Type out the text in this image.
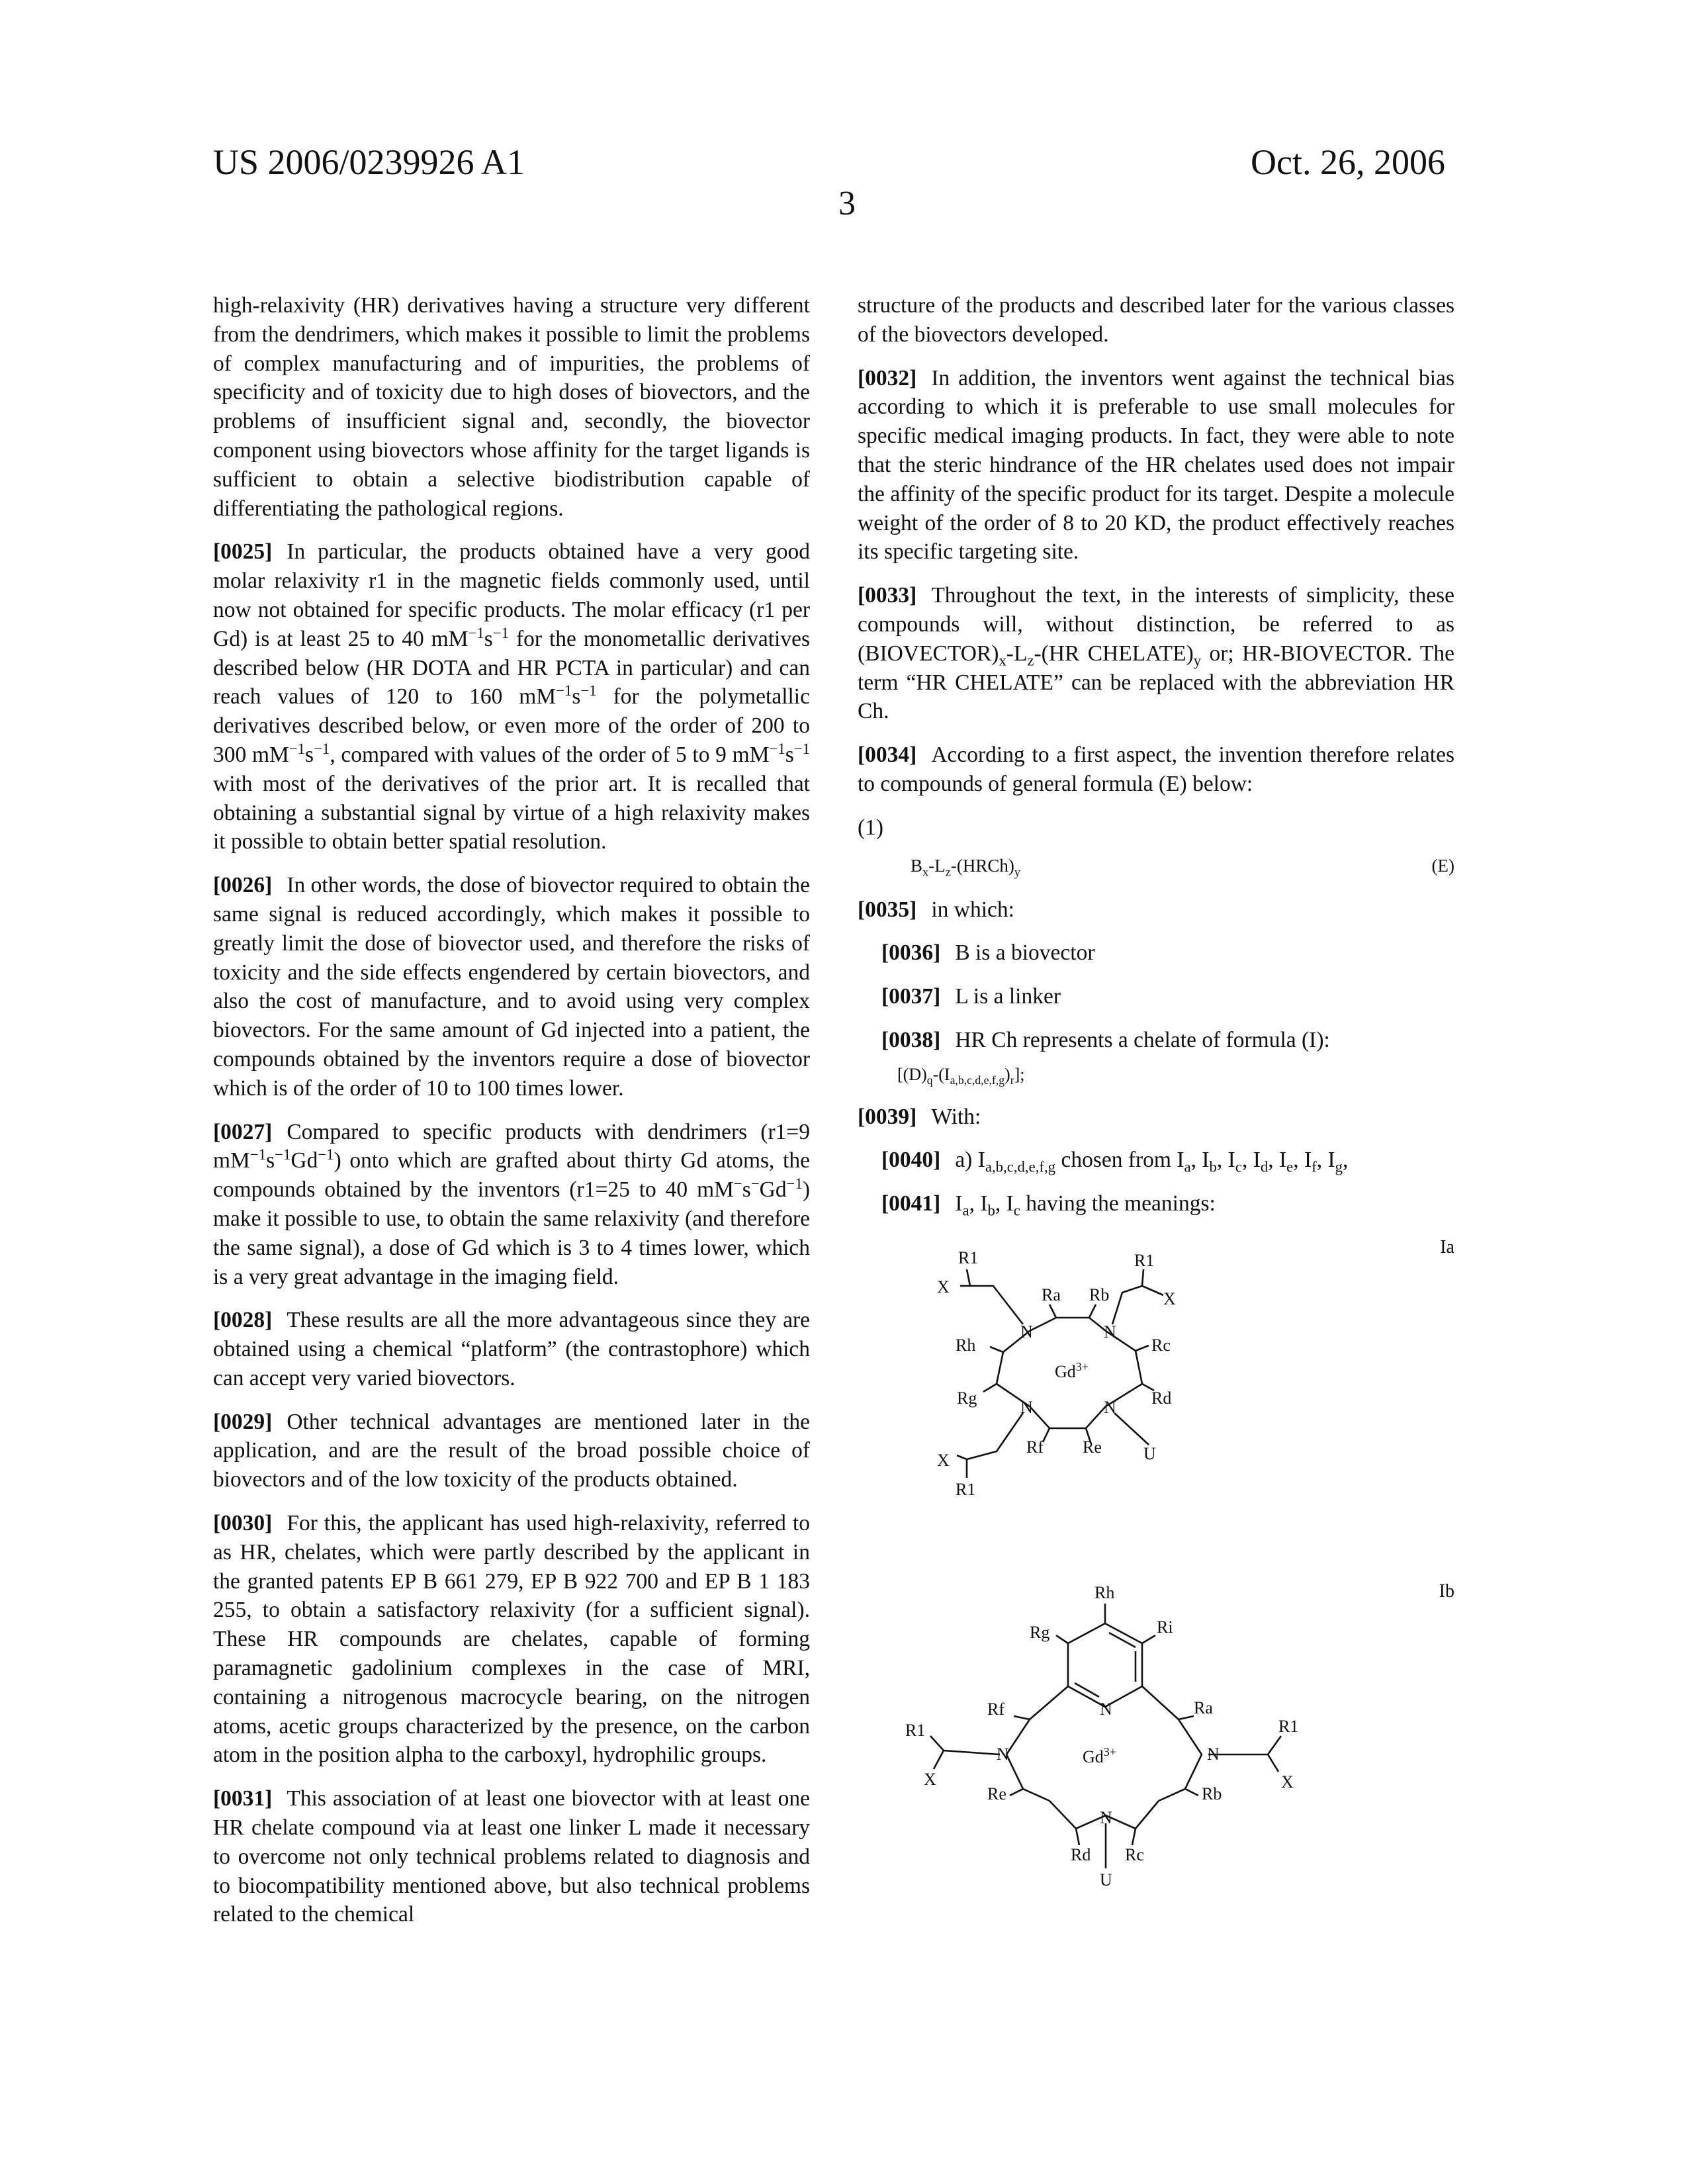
US 2006/0239926 A1	Oct. 26, 2006
3

high-relaxivity (HR) derivatives having a structure very different from the dendrimers, which makes it possible to limit the problems of complex manufacturing and of impurities, the problems of specificity and of toxicity due to high doses of biovectors, and the problems of insufficient signal and, secondly, the biovector component using biovectors whose affinity for the target ligands is sufficient to obtain a selective biodistribution capable of differentiating the pathological regions.

[0025] In particular, the products obtained have a very good molar relaxivity r1 in the magnetic fields commonly used, until now not obtained for specific products. The molar efficacy (r1 per Gd) is at least 25 to 40 $mM^{-1}s^{-1}$ for the monometallic derivatives described below (HR DOTA and HR PCTA in particular) and can reach values of 120 to 160 $mM^{-1}s^{-1}$ for the polymetallic derivatives described below, or even more of the order of 200 to 300 $mM^{-1}s^{-1}$, compared with values of the order of 5 to 9 $mM^{-1}s^{-1}$ with most of the derivatives of the prior art. It is recalled that obtaining a substantial signal by virtue of a high relaxivity makes it possible to obtain better spatial resolution.

[0026] In other words, the dose of biovector required to obtain the same signal is reduced accordingly, which makes it possible to greatly limit the dose of biovector used, and therefore the risks of toxicity and the side effects engendered by certain biovectors, and also the cost of manufacture, and to avoid using very complex biovectors. For the same amount of Gd injected into a patient, the compounds obtained by the inventors require a dose of biovector which is of the order of 10 to 100 times lower.

[0027] Compared to specific products with dendrimers (r1=9 $mM^{-1}s^{-1}Gd^{-1}$) onto which are grafted about thirty Gd atoms, the compounds obtained by the inventors (r1=25 to 40 $mM^-s^-Gd^{-1}$) make it possible to use, to obtain the same relaxivity (and therefore the same signal), a dose of Gd which is 3 to 4 times lower, which is a very great advantage in the imaging field.

[0028] These results are all the more advantageous since they are obtained using a chemical “platform” (the contrastophore) which can accept very varied biovectors.

[0029] Other technical advantages are mentioned later in the application, and are the result of the broad possible choice of biovectors and of the low toxicity of the products obtained.

[0030] For this, the applicant has used high-relaxivity, referred to as HR, chelates, which were partly described by the applicant in the granted patents EP B 661 279, EP B 922 700 and EP B 1 183 255, to obtain a satisfactory relaxivity (for a sufficient signal). These HR compounds are chelates, capable of forming paramagnetic gadolinium complexes in the case of MRI, containing a nitrogenous macrocycle bearing, on the nitrogen atoms, acetic groups characterized by the presence, on the carbon atom in the position alpha to the carboxyl, hydrophilic groups.

[0031] This association of at least one biovector with at least one HR chelate compound via at least one linker L made it necessary to overcome not only technical problems related to diagnosis and to biocompatibility mentioned above, but also technical problems related to the chemical

structure of the products and described later for the various classes of the biovectors developed.

[0032] In addition, the inventors went against the technical bias according to which it is preferable to use small molecules for specific medical imaging products. In fact, they were able to note that the steric hindrance of the HR chelates used does not impair the affinity of the specific product for its target. Despite a molecule weight of the order of 8 to 20 KD, the product effectively reaches its specific targeting site.

[0033] Throughout the text, in the interests of simplicity, these compounds will, without distinction, be referred to as $(BIOVECTOR)_x-L_z-(HR$ $CHELATE)_y$ or; HR-BIOVECTOR. The term “HR CHELATE” can be replaced with the abbreviation HR Ch.

[0034] According to a first aspect, the invention therefore relates to compounds of general formula (E) below:

(1)

$B_x-L_z-(HRCh)_y$	(E)

[0035] in which:

[0036] B is a biovector

[0037] L is a linker

[0038] HR Ch represents a chelate of formula (I):

$[(D)_q-(I_{a,b,c,d,e,f,g})_r]$;

[0039] With:

[0040] a) $I_{a,b,c,d,e,f,g}$ chosen from $I_a$, $I_b$, $I_c$, $I_d$, $I_e$, $I_f$, $I_g$,

[0041] $I_a$, $I_b$, $I_c$ having the meanings:

Ia
R1
X	Ra Rb
R1
X
Rh
N	N
Rc
$Gd^{3+}$
Rg	N	N Rd
X
Rf Re U
R1
Ib
Rh
Rg	Ri
N
Rf	Ra
R1	R1
N	N
$Gd^{3+}$
X	X
Re	Rb
N
Rd Rc
U
